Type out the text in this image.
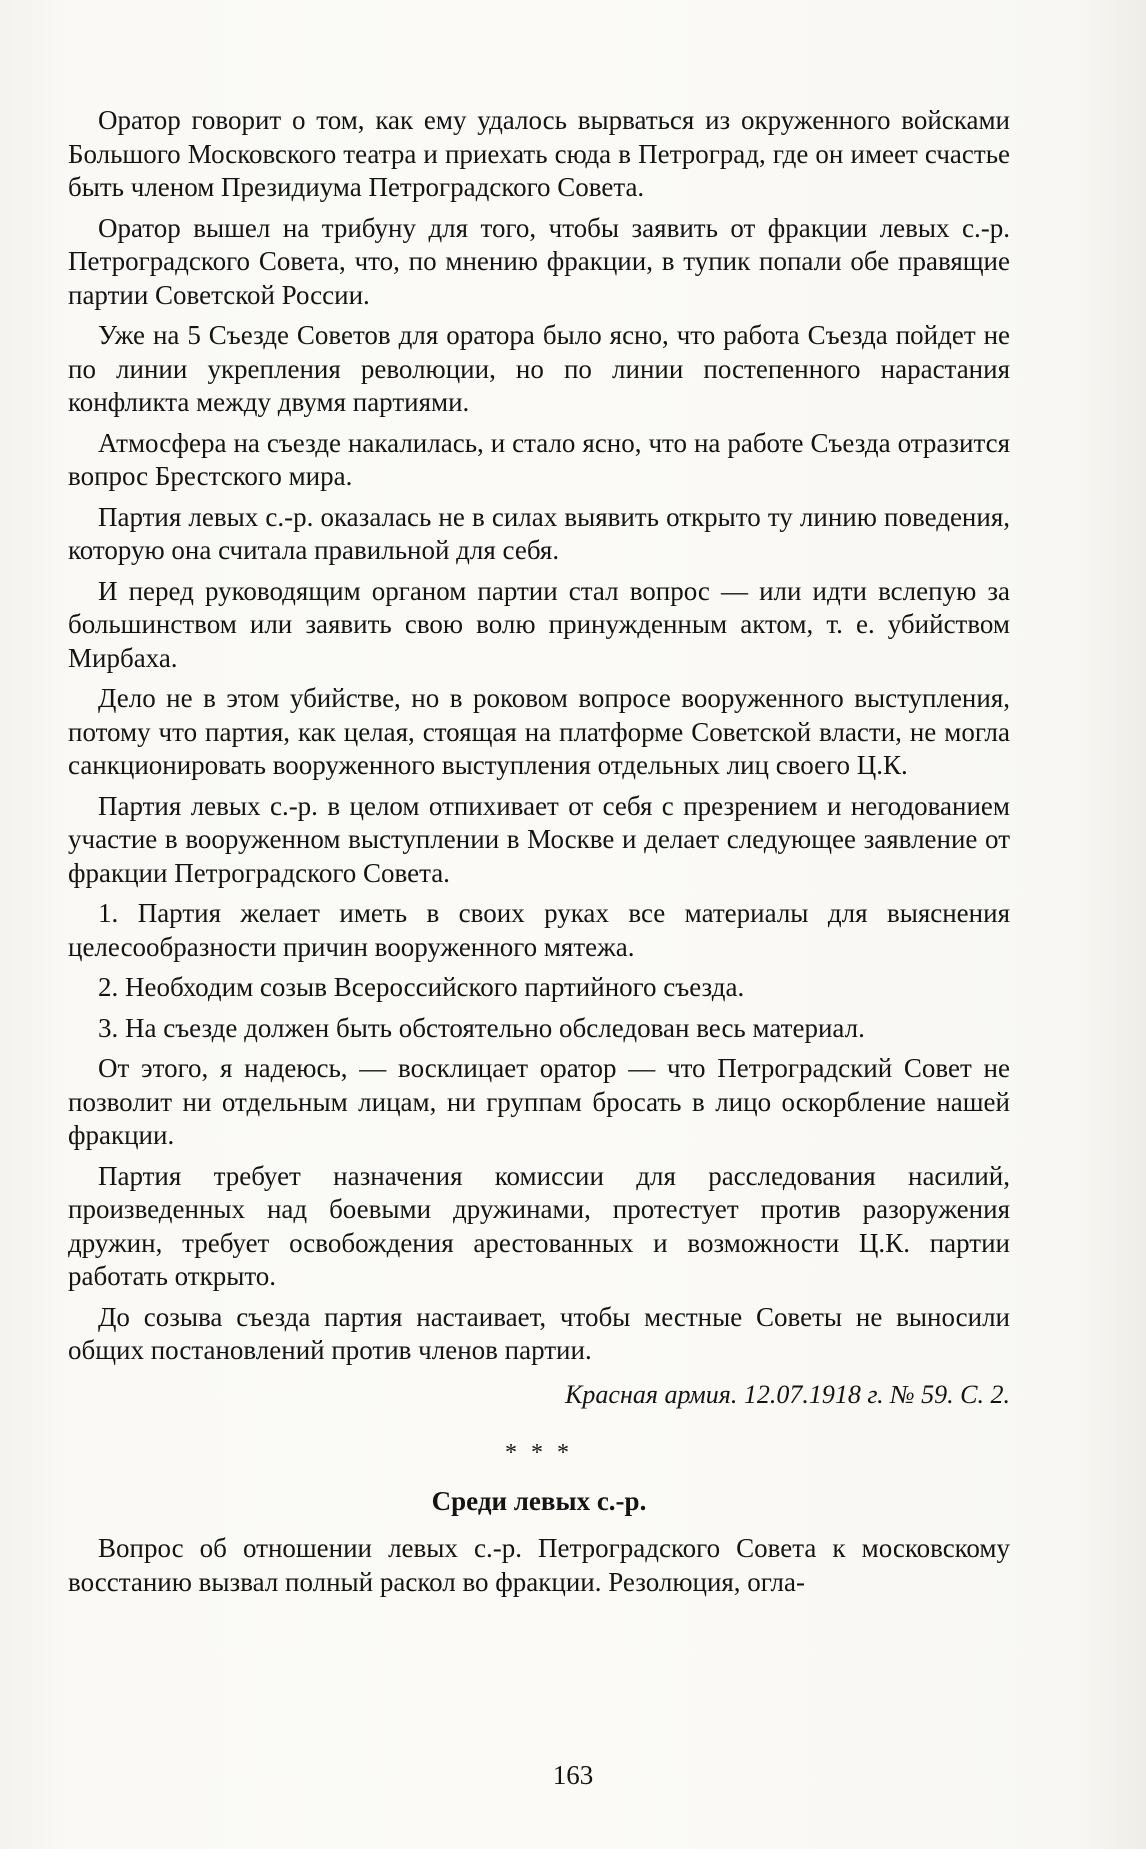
Оратор говорит о том, как ему удалось вырваться из окруженного войсками Большого Московского театра и приехать сюда в Петроград, где он имеет счастье быть членом Президиума Петроградского Совета.

Оратор вышел на трибуну для того, чтобы заявить от фракции левых с.-р. Петроградского Совета, что, по мнению фракции, в тупик попали обе правящие партии Советской России.

Уже на 5 Съезде Советов для оратора было ясно, что работа Съезда пойдет не по линии укрепления революции, но по линии постепенного нарастания конфликта между двумя партиями.

Атмосфера на съезде накалилась, и стало ясно, что на работе Съезда отразится вопрос Брестского мира.

Партия левых с.-р. оказалась не в силах выявить открыто ту линию поведения, которую она считала правильной для себя.

И перед руководящим органом партии стал вопрос — или идти вслепую за большинством или заявить свою волю принужденным актом, т. е. убийством Мирбаха.

Дело не в этом убийстве, но в роковом вопросе вооруженного выступления, потому что партия, как целая, стоящая на платформе Советской власти, не могла санкционировать вооруженного выступления отдельных лиц своего Ц.К.

Партия левых с.-р. в целом отпихивает от себя с презрением и негодованием участие в вооруженном выступлении в Москве и делает следующее заявление от фракции Петроградского Совета.

1. Партия желает иметь в своих руках все материалы для выяснения целесообразности причин вооруженного мятежа.

2. Необходим созыв Всероссийского партийного съезда.

3. На съезде должен быть обстоятельно обследован весь материал.

От этого, я надеюсь, — восклицает оратор — что Петроградский Совет не позволит ни отдельным лицам, ни группам бросать в лицо оскорбление нашей фракции.

Партия требует назначения комиссии для расследования насилий, произведенных над боевыми дружинами, протестует против разоружения дружин, требует освобождения арестованных и возможности Ц.К. партии работать открыто.

До созыва съезда партия настаивает, чтобы местные Советы не выносили общих постановлений против членов партии.

Красная армия. 12.07.1918 г. № 59. С. 2.

* * *

Среди левых с.-р.

Вопрос об отношении левых с.-р. Петроградского Совета к московскому восстанию вызвал полный раскол во фракции. Резолюция, огла-

163
